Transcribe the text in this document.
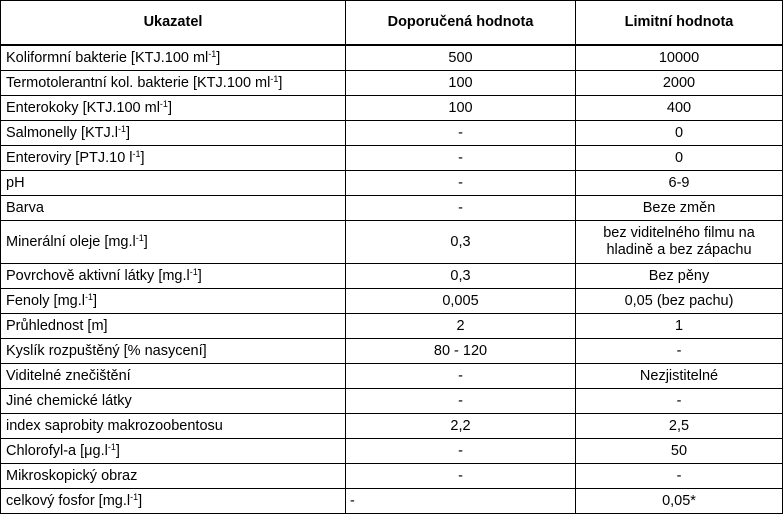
Ukazatel	Doporučená hodnota	Limitní hodnota
Koliformní bakterie [KTJ.100 $ml^{-1}$]	500	10000
Termotolerantní kol. bakterie [KTJ.100 $ml^{-1}$]	100	2000
Enterokoky [KTJ.100 $ml^{-1}$]	100	400
Salmonelly $[KTJ.l^{-1}]$	-	0
Enteroviry [PTJ.10 $l^{-1}$]	-	0
pH	-	6-9
Barva	-	Beze změn
Minerální oleje $[mg.l^{-1}]$	0,3	bez viditelného filmu na hladině a bez zápachu
Povrchově aktivní látky $[mg.l^{-1}]$	0,3	Bez pěny
Fenoly $[mg.l^{-1}]$	0,005	0,05 (bez pachu)
Průhlednost [m]	2	1
Kyslík rozpuštěný [% nasycení]	80 - 120	-
Viditelné znečištění	-	Nezjistitelné
Jiné chemické látky	-	-
index saprobity makrozoobentosu	2,2	2,5
Chlorofyl-a $[\mu g.l^{-1}]$	-	50
Mikroskopický obraz	-	-
celkový fosfor $[mg.l^{-1}]$	-	0,05*
